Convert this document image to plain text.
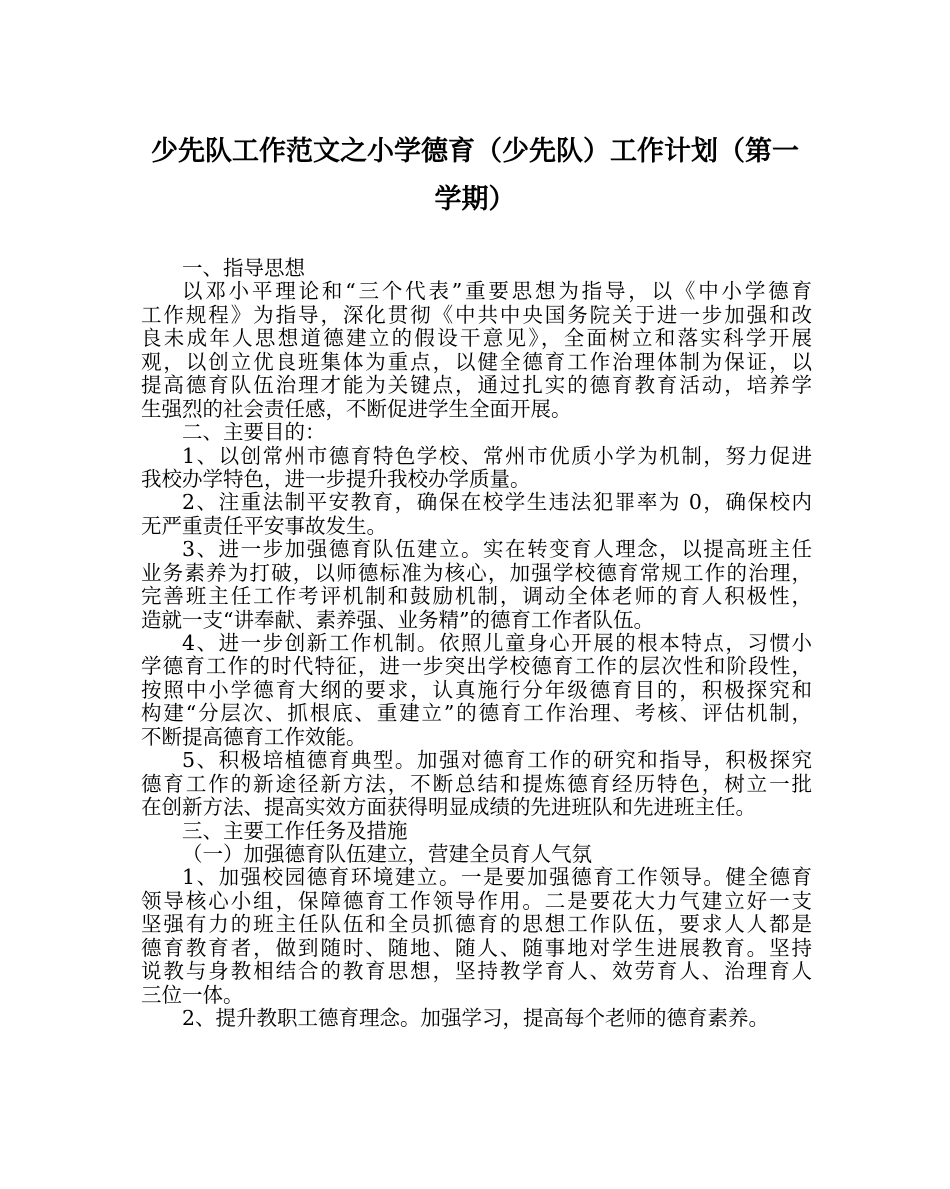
少先队工作范文之小学德育（少先队）工作计划（第一
学期）
一、指导思想
以邓小平理论和“三个代表”重要思想为指导，以《中小学德育
工作规程》为指导，深化贯彻《中共中央国务院关于进一步加强和改
良未成年人思想道德建立的假设干意见》，全面树立和落实科学开展
观，以创立优良班集体为重点，以健全德育工作治理体制为保证，以
提高德育队伍治理才能为关键点，通过扎实的德育教育活动，培养学
生强烈的社会责任感，不断促进学生全面开展。
二、主要目的：
1、以创常州市德育特色学校、常州市优质小学为机制，努力促进
我校办学特色，进一步提升我校办学质量。
2、注重法制平安教育，确保在校学生违法犯罪率为 0，确保校内
无严重责任平安事故发生。
3、进一步加强德育队伍建立。实在转变育人理念，以提高班主任
业务素养为打破，以师德标准为核心，加强学校德育常规工作的治理，
完善班主任工作考评机制和鼓励机制，调动全体老师的育人积极性，
造就一支“讲奉献、素养强、业务精”的德育工作者队伍。
4、进一步创新工作机制。依照儿童身心开展的根本特点，习惯小
学德育工作的时代特征，进一步突出学校德育工作的层次性和阶段性，
按照中小学德育大纲的要求，认真施行分年级德育目的，积极探究和
构建“分层次、抓根底、重建立”的德育工作治理、考核、评估机制，
不断提高德育工作效能。
5、积极培植德育典型。加强对德育工作的研究和指导，积极探究
德育工作的新途径新方法，不断总结和提炼德育经历特色，树立一批
在创新方法、提高实效方面获得明显成绩的先进班队和先进班主任。
三、主要工作任务及措施
（一）加强德育队伍建立，营建全员育人气氛
1、加强校园德育环境建立。一是要加强德育工作领导。健全德育
领导核心小组，保障德育工作领导作用。二是要花大力气建立好一支
坚强有力的班主任队伍和全员抓德育的思想工作队伍，要求人人都是
德育教育者，做到随时、随地、随人、随事地对学生进展教育。坚持
说教与身教相结合的教育思想，坚持教学育人、效劳育人、治理育人
三位一体。
2、提升教职工德育理念。加强学习，提高每个老师的德育素养。
